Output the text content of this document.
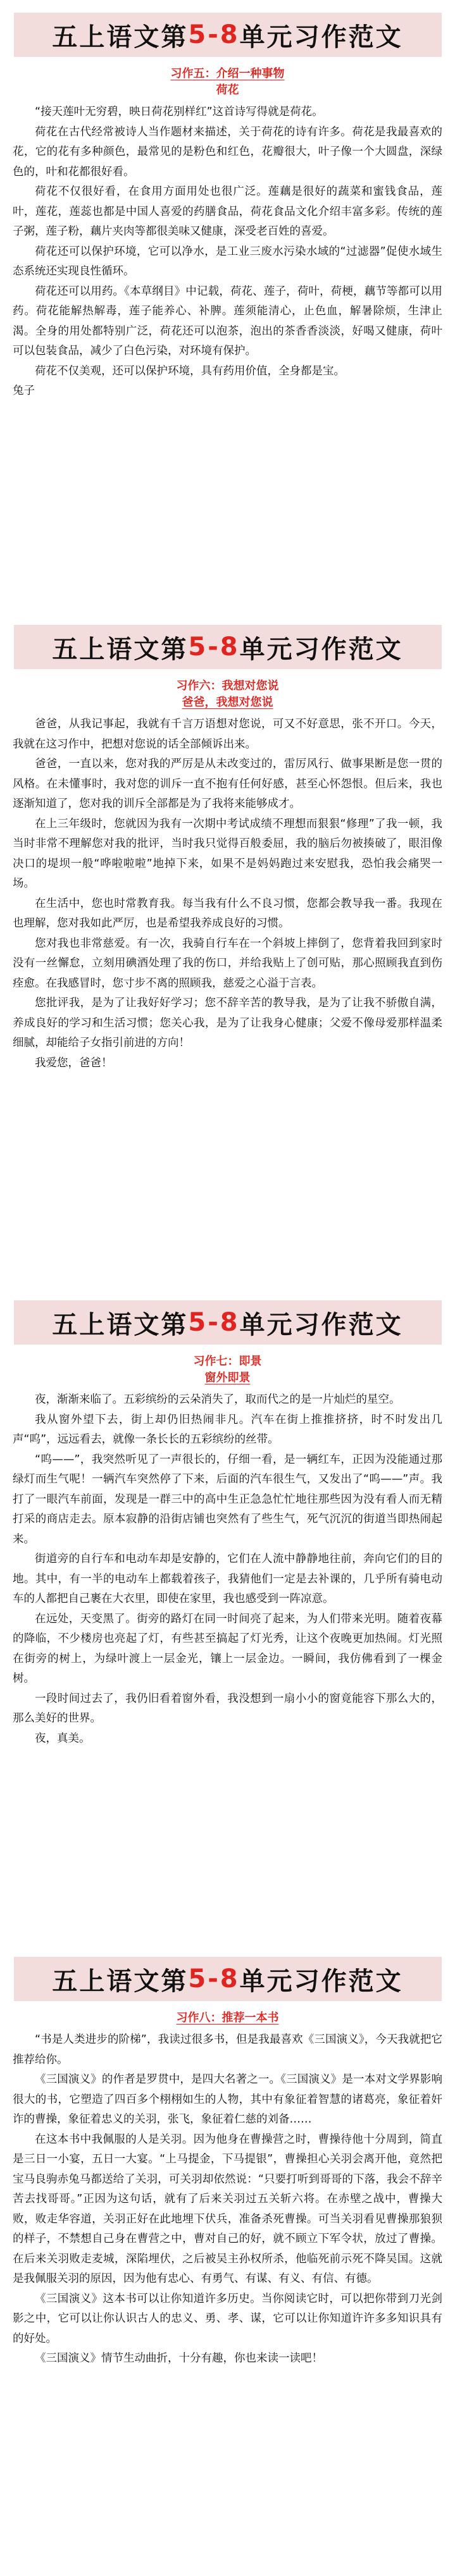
五上语文第 5-8 单元习作范文
习作五：介绍一种事物
荷花

“接天莲叶无穷碧，映日荷花别样红”这首诗写得就是荷花。

荷花在古代经常被诗人当作题材来描述，关于荷花的诗有许多。荷花是我最喜欢的花，它的花有多种颜色，最常见的是粉色和红色，花瓣很大，叶子像一个大圆盘，深绿色的，叶和花都很好看。

荷花不仅很好看，在食用方面用处也很广泛。莲藕是很好的蔬菜和蜜钱食品，莲叶，莲花，莲蕊也都是中国人喜爱的药膳食品，荷花食品文化介绍丰富多彩。传统的莲子粥，莲子粉，藕片夹肉等都很美味又健康，深受老百姓的喜爱。

荷花还可以保护环境，它可以净水，是工业三废水污染水域的“过滤器”促使水域生态系统还实现良性循环。

荷花还可以用药。《本草纲目》中记载，荷花、莲子，荷叶，荷梗，藕节等都可以用药。荷花能解热解毒，莲子能养心、补脾。莲须能清心，止色血，解暑除烦，生津止渴。全身的用处都特别广泛，荷花还可以泡茶，泡出的茶香香淡淡，好喝又健康，荷叶可以包装食品，减少了白色污染，对环境有保护。

荷花不仅美观，还可以保护环境，具有药用价值，全身都是宝。

兔子

五上语文第 5-8 单元习作范文
习作六：我想对您说
爸爸，我想对您说

爸爸，从我记事起，我就有千言万语想对您说，可又不好意思，张不开口。今天，我就在这习作中，把想对您说的话全部倾诉出来。

爸爸，一直以来，您对我的严厉是从未改变过的，雷厉风行、做事果断是您一贯的风格。在未懂事时，我对您的训斥一直不抱有任何好感，甚至心怀怨恨。但后来，我也逐渐知道了，您对我的训斥全部都是为了我将来能够成才。

在上三年级时，您就因为我有一次期中考试成绩不理想而狠狠“修理”了我一顿，我当时非常不理解您对我的批评，当时我只觉得百般委屈，我的脑后勿被揍破了，眼泪像决口的堤坝一般“哗啦啦啦”地掉下来，如果不是妈妈跑过来安慰我，恐怕我会痛哭一场。

在生活中，您也时常教育我。每当我有什么不良习惯，您都会教导我一番。我现在也理解，您对我如此严厉，也是希望我养成良好的习惯。

您对我也非常慈爱。有一次，我骑自行车在一个斜坡上摔倒了，您背着我回到家时没有一丝懈怠，立刻用碘酒处理了我的伤口，并给我贴上了创可贴，那心照顾我直到伤痊愈。在我感冒时，您寸步不离的照顾我，慈爱之心溢于言表。

您批评我，是为了让我好好学习；您不辞辛苦的教导我，是为了让我不骄傲自满，养成良好的学习和生活习惯；您关心我，是为了让我身心健康；父爱不像母爱那样温柔细腻，却能给子女指引前进的方向！

我爱您，爸爸！

五上语文第 5-8 单元习作范文
习作七：即景
窗外即景

夜，渐渐来临了。五彩缤纷的云朵消失了，取而代之的是一片灿烂的星空。

我从窗外望下去，街上却仍旧热闹非凡。汽车在街上推推挤挤，时不时发出几声“呜”，远远看去，就像一条长长的五彩缤纷的丝带。

“呜——”，我突然听见了一声很长的，仔细一看，是一辆红车，正因为没能通过那绿灯而生气呢！一辆汽车突然停了下来，后面的汽车很生气，又发出了“呜——”声。我打了一眼汽车前面，发现是一群三中的高中生正急急忙忙地往那些因为没有看人而无精打采的商店走去。原本寂静的沿街店铺也突然有了些生气，死气沉沉的街道当即热闹起来。

街道旁的自行车和电动车却是安静的，它们在人流中静静地往前，奔向它们的目的地。其中，有一半的电动车上都载着孩子，我猜他们一定是去补课的，几乎所有骑电动车的人都把自己裹在大衣里，即使在家里，我也感受到一阵凉意。

在远处，天变黑了。街旁的路灯在同一时间亮了起来，为人们带来光明。随着夜幕的降临，不少楼房也亮起了灯，有些甚至搞起了灯光秀，让这个夜晚更加热闹。灯光照在街旁的树上，为绿叶渡上一层金光，镶上一层金边。一瞬间，我仿佛看到了一棵金树。

一段时间过去了，我仍旧看着窗外看，我没想到一扇小小的窗竟能容下那么大的，那么美好的世界。

夜，真美。

五上语文第 5-8 单元习作范文
习作八：推荐一本书

“书是人类进步的阶梯”，我读过很多书，但是我最喜欢《三国演义》，今天我就把它推荐给你。

《三国演义》的作者是罗贯中，是四大名著之一。《三国演义》是一本对文学界影响很大的书，它塑造了四百多个栩栩如生的人物，其中有象征着智慧的诸葛亮，象征着奸诈的曹操，象征着忠义的关羽，张飞，象征着仁慈的刘备……

在这本书中我佩服的人是关羽。因为他身在曹操营之时，曹操待他十分周到，简直是三日一小宴，五日一大宴。“上马提金，下马提银”，曹操担心关羽会离开他，竟然把宝马良驹赤兔马都送给了关羽，可关羽却依然说：“只要打听到哥哥的下落，我会不辞辛苦去找哥哥。”正因为这句话，就有了后来关羽过五关斩六将。在赤壁之战中，曹操大败，败走华容道，关羽正好在此地埋下伏兵，准备杀死曹操。可当关羽看见曹操那狼狈的样子，不禁想自己身在曹营之中，曹对自己的好，就不顾立下军令状，放过了曹操。在后来关羽败走麦城，深陷埋伏，之后被吴主孙权所杀，他临死前示死不降吴国。这就是我佩服关羽的原因，因为他有忠心、有勇气、有谋、有义、有信、有德。

《三国演义》这本书可以让你知道许多历史。当你阅读它时，可以把你带到刀光剑影之中，它可以让你认识古人的忠义、勇、孝、谋，它可以让你知道许许多多知识具有的好处。

《三国演义》情节生动曲折，十分有趣，你也来读一读吧！
